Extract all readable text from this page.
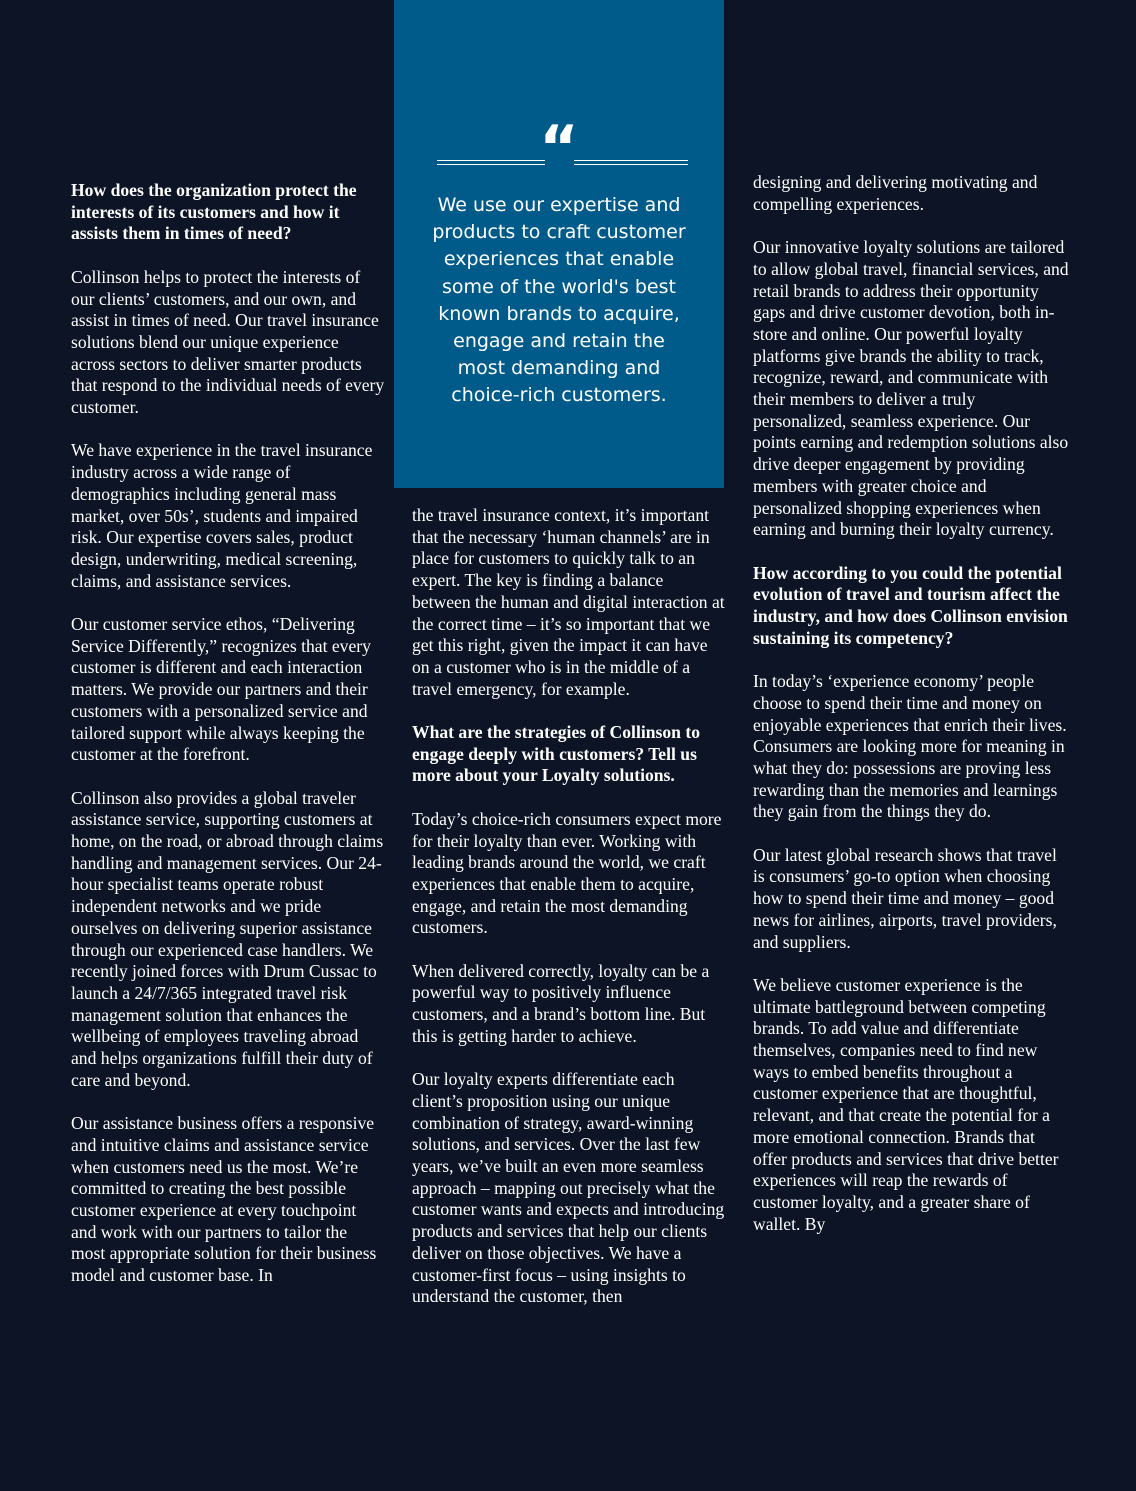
“
We use our expertise and products to craft customer experiences that enable some of the world's best known brands to acquire, engage and retain the most demanding and choice-rich customers.

How does the organization protect the interests of its customers and how it assists them in times of need?

Collinson helps to protect the interests of our clients’ customers, and our own, and assist in times of need. Our travel insurance solutions blend our unique experience across sectors to deliver smarter products that respond to the individual needs of every customer.

We have experience in the travel insurance industry across a wide range of demographics including general mass market, over 50s’, students and impaired risk. Our expertise covers sales, product design, underwriting, medical screening, claims, and assistance services.

Our customer service ethos, “Delivering Service Differently,” recognizes that every customer is different and each interaction matters. We provide our partners and their customers with a personalized service and tailored support while always keeping the customer at the forefront.

Collinson also provides a global traveler assistance service, supporting customers at home, on the road, or abroad through claims handling and management services. Our 24-hour specialist teams operate robust independent networks and we pride ourselves on delivering superior assistance through our experienced case handlers. We recently joined forces with Drum Cussac to launch a 24/7/365 integrated travel risk management solution that enhances the wellbeing of employees traveling abroad and helps organizations fulfill their duty of care and beyond.

Our assistance business offers a responsive and intuitive claims and assistance service when customers need us the most. We’re committed to creating the best possible customer experience at every touchpoint and work with our partners to tailor the most appropriate solution for their business model and customer base. In

the travel insurance context, it’s important that the necessary ‘human channels’ are in place for customers to quickly talk to an expert. The key is finding a balance between the human and digital interaction at the correct time – it’s so important that we get this right, given the impact it can have on a customer who is in the middle of a travel emergency, for example.

What are the strategies of Collinson to engage deeply with customers? Tell us more about your Loyalty solutions.

Today’s choice-rich consumers expect more for their loyalty than ever. Working with leading brands around the world, we craft experiences that enable them to acquire, engage, and retain the most demanding customers.

When delivered correctly, loyalty can be a powerful way to positively influence customers, and a brand’s bottom line. But this is getting harder to achieve.

Our loyalty experts differentiate each client’s proposition using our unique combination of strategy, award-winning solutions, and services. Over the last few years, we’ve built an even more seamless approach – mapping out precisely what the customer wants and expects and introducing products and services that help our clients deliver on those objectives. We have a customer-first focus – using insights to understand the customer, then

designing and delivering motivating and compelling experiences.

Our innovative loyalty solutions are tailored to allow global travel, financial services, and retail brands to address their opportunity gaps and drive customer devotion, both in-store and online. Our powerful loyalty platforms give brands the ability to track, recognize, reward, and communicate with their members to deliver a truly personalized, seamless experience. Our points earning and redemption solutions also drive deeper engagement by providing members with greater choice and personalized shopping experiences when earning and burning their loyalty currency.

How according to you could the potential evolution of travel and tourism affect the industry, and how does Collinson envision sustaining its competency?

In today’s ‘experience economy’ people choose to spend their time and money on enjoyable experiences that enrich their lives. Consumers are looking more for meaning in what they do: possessions are proving less rewarding than the memories and learnings they gain from the things they do.

Our latest global research shows that travel is consumers’ go-to option when choosing how to spend their time and money – good news for airlines, airports, travel providers, and suppliers.

We believe customer experience is the ultimate battleground between competing brands. To add value and differentiate themselves, companies need to find new ways to embed benefits throughout a customer experience that are thoughtful, relevant, and that create the potential for a more emotional connection. Brands that offer products and services that drive better experiences will reap the rewards of customer loyalty, and a greater share of wallet. By
